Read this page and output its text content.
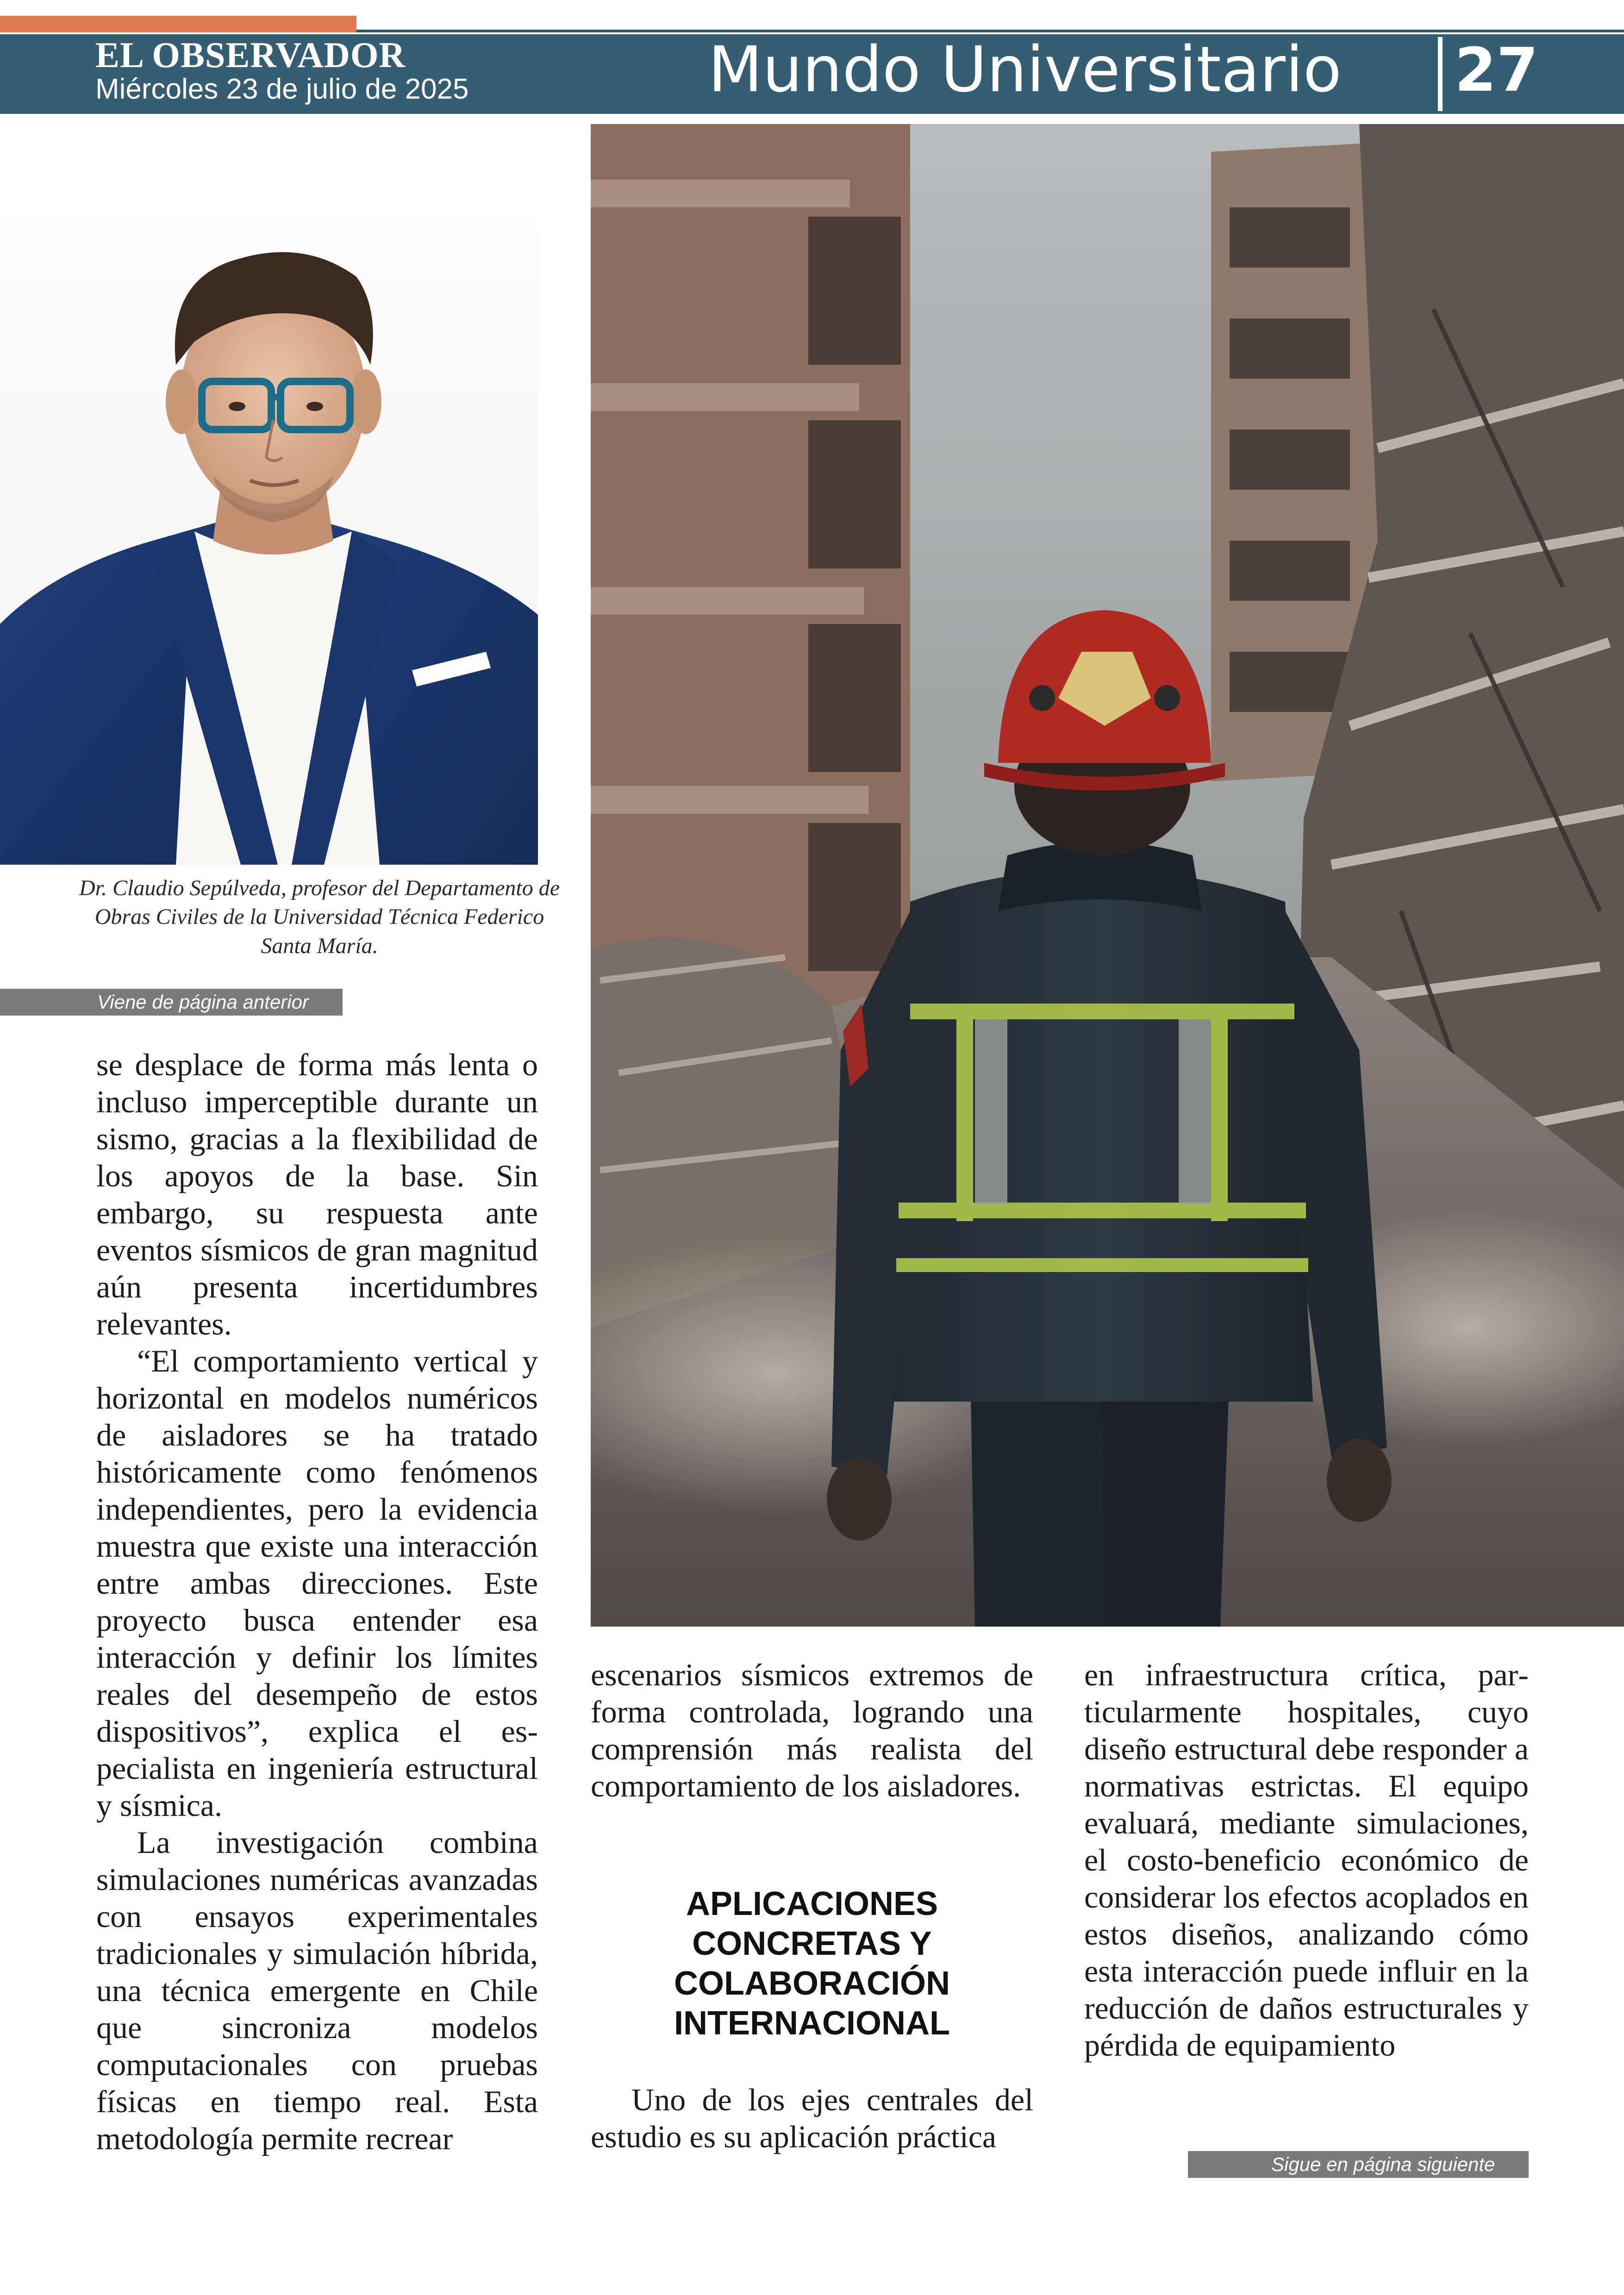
EL OBSERVADOR
Miércoles 23 de julio de 2025	Mundo Universitario 27
Dr. Claudio Sepúlveda, profesor del Departamento de Obras Civiles de la Universidad Técnica Federico Santa María.
Viene de página anterior

se desplace de forma más lenta o incluso imperceptible durante un sismo, gracias a la flexibilidad de los apoyos de la base. Sin embargo, su respuesta ante eventos sísmicos de gran magnitud aún presenta incertidumbres relevantes.

“El comportamiento vertical y horizontal en modelos numéricos de aisladores se ha tratado históricamente como fenómenos independientes, pero la evidencia muestra que existe una interacción entre ambas direcciones. Este proyecto busca entender esa interacción y definir los límites reales del desempeño de estos dispositivos”, explica el especialista en ingeniería estructural y sísmica.

La investigación combina simulaciones numéricas avanzadas con ensayos experimentales tradicionales y simulación híbrida, una técnica emergente en Chile que sincroniza modelos computacionales con pruebas físicas en tiempo real. Esta metodología permite recrear

escenarios sísmicos extremos de forma controlada, logrando una comprensión más realista del comportamiento de los aisladores.

APLICACIONES CONCRETAS Y COLABORACIÓN INTERNACIONAL

Uno de los ejes centrales del estudio es su aplicación práctica

en infraestructura crítica, particularmente hospitales, cuyo diseño estructural debe responder a normativas estrictas. El equipo evaluará, mediante simulaciones, el costo-beneficio económico de considerar los efectos acoplados en estos diseños, analizando cómo esta interacción puede influir en la reducción de daños estructurales y pérdida de equipamiento

Sigue en página siguiente
